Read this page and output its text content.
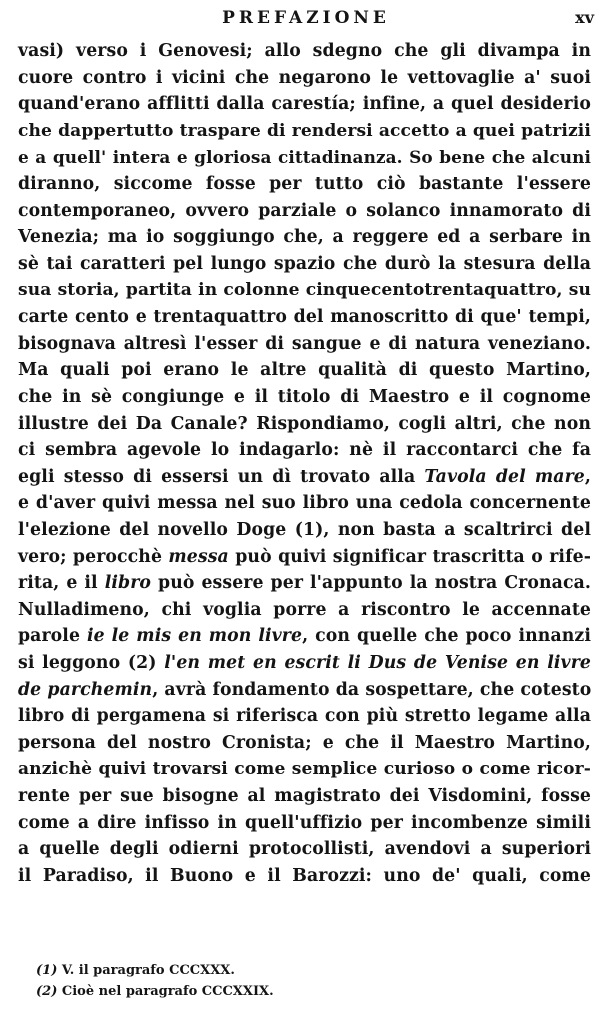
PREFAZIONE	xv
vasi) verso i Genovesi; allo sdegno che gli divampa in
cuore contro i vicini che negarono le vettovaglie a' suoi
quand'erano afflitti dalla carestía; infine, a quel desiderio
che dappertutto traspare di rendersi accetto a quei patrizii
e a quell' intera e gloriosa cittadinanza. So bene che alcuni
diranno, siccome fosse per tutto ciò bastante l'essere
contemporaneo, ovvero parziale o solanco innamorato di
Venezia; ma io soggiungo che, a reggere ed a serbare in
sè tai caratteri pel lungo spazio che durò la stesura della
sua storia, partita in colonne cinquecentotrentaquattro, su
carte cento e trentaquattro del manoscritto di que' tempi,
bisognava altresì l'esser di sangue e di natura veneziano.
Ma quali poi erano le altre qualità di questo Martino,
che in sè congiunge e il titolo di Maestro e il cognome
illustre dei Da Canale? Rispondiamo, cogli altri, che non
ci sembra agevole lo indagarlo: nè il raccontarci che fa
egli stesso di essersi un dì trovato alla Tavola del mare,
e d'aver quivi messa nel suo libro una cedola concernente
l'elezione del novello Doge (1), non basta a scaltrirci del
vero; perocchè messa può quivi significar trascritta o rife-
rita, e il libro può essere per l'appunto la nostra Cronaca.
Nulladimeno, chi voglia porre a riscontro le accennate
parole ie le mis en mon livre, con quelle che poco innanzi
si leggono (2) l'en met en escrit li Dus de Venise en livre
de parchemin, avrà fondamento da sospettare, che cotesto
libro di pergamena si riferisca con più stretto legame alla
persona del nostro Cronista; e che il Maestro Martino,
anzichè quivi trovarsi come semplice curioso o come ricor-
rente per sue bisogne al magistrato dei Visdomini, fosse
come a dire infisso in quell'uffizio per incombenze simili
a quelle degli odierni protocollisti, avendovi a superiori
il Paradiso, il Buono e il Barozzi: uno de' quali, come
(1) V. il paragrafo CCCXXX.
(2) Cioè nel paragrafo CCCXXIX.
